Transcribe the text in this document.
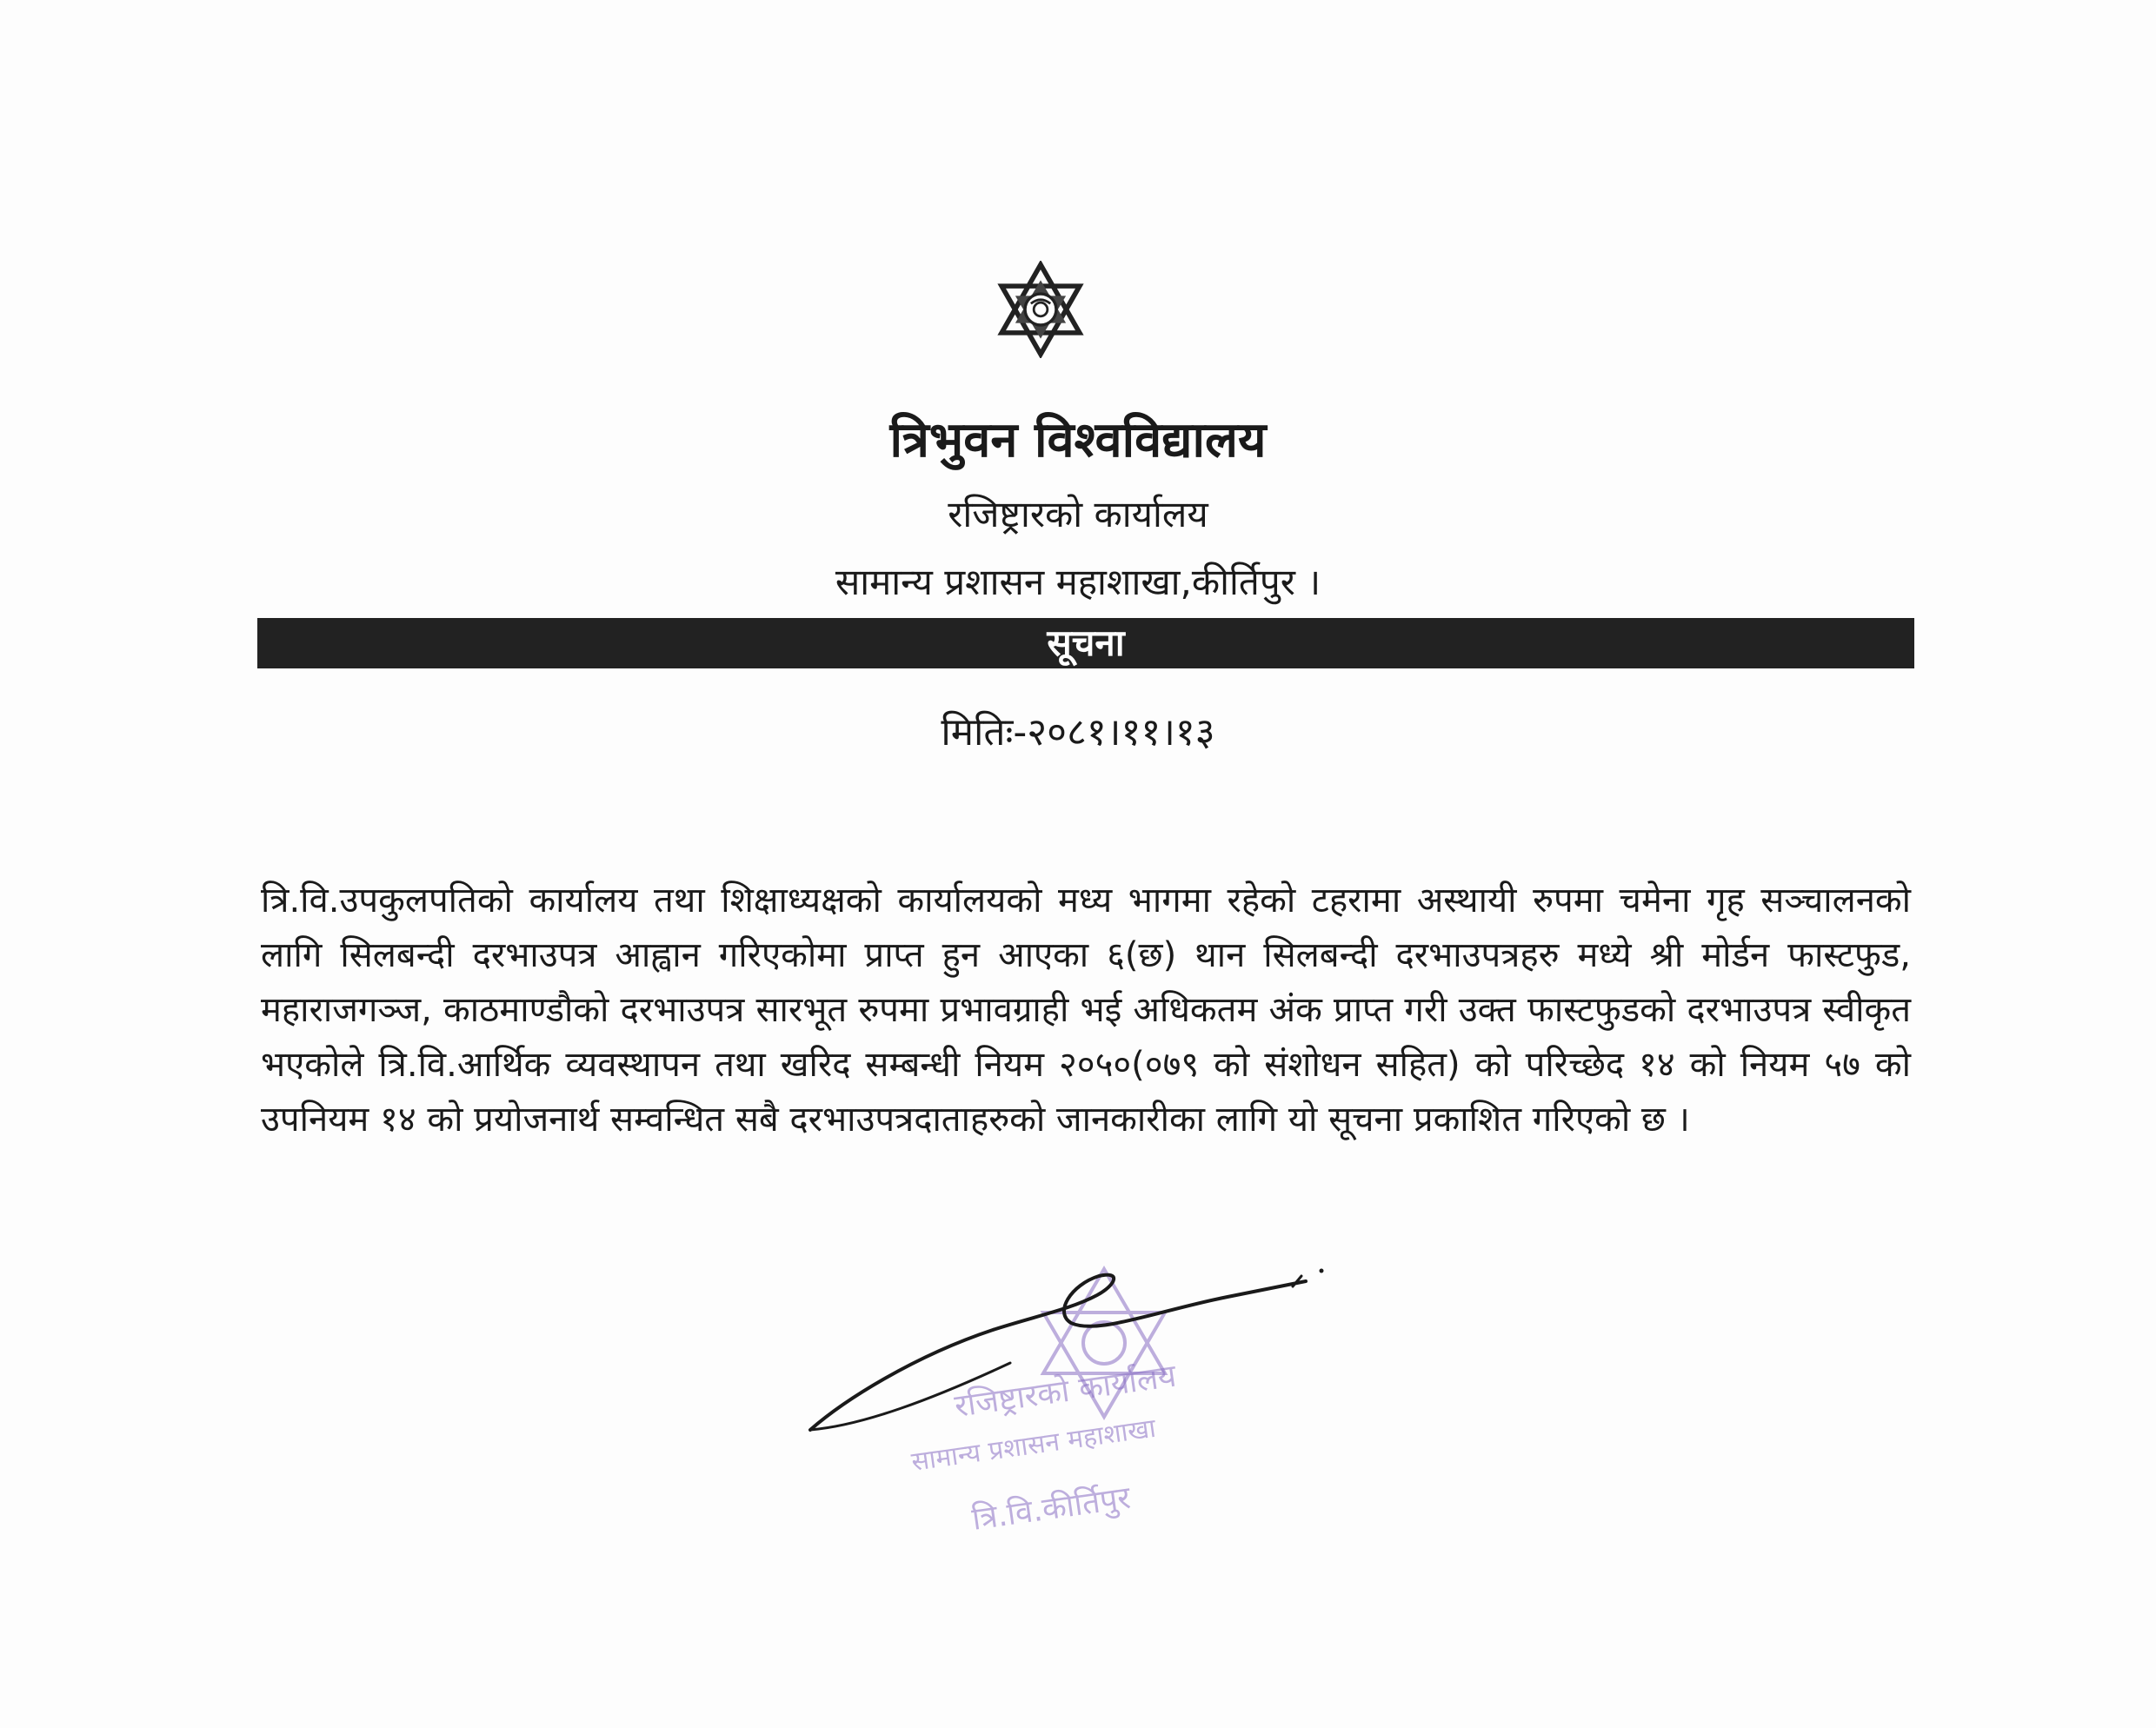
त्रिभुवन विश्वविद्यालय
रजिष्ट्रारको कार्यालय
सामान्य प्रशासन महाशाखा,कीर्तिपुर ।
सूचना
मितिः-२०८१।११।१३
त्रि.वि.उपकुलपतिको कार्यालय तथा शिक्षाध्यक्षको कार्यालयको मध्य भागमा रहेको टहरामा अस्थायी रुपमा चमेना गृह सञ्चालनको लागि सिलबन्दी दरभाउपत्र आह्वान गरिएकोमा प्राप्त हुन आएका ६(छ) थान सिलबन्दी दरभाउपत्रहरु मध्ये श्री मोर्डन फास्टफुड, महाराजगञ्ज, काठमाण्डौको दरभाउपत्र सारभूत रुपमा प्रभावग्राही भई अधिकतम अंक प्राप्त गरी उक्त फास्टफुडको दरभाउपत्र स्वीकृत भएकोले त्रि.वि.आर्थिक व्यवस्थापन तथा खरिद सम्बन्धी नियम २०५०(०७९ को संशोधन सहित) को परिच्छेद १४ को नियम ५७ को उपनियम १४ को प्रयोजनार्थ सम्वन्धित सबै दरभाउपत्रदाताहरुको जानकारीका लागि यो सूचना प्रकाशित गरिएको छ ।
रजिष्ट्रारको कार्यालय
सामान्य प्रशासन महाशाखा
त्रि.वि.कीर्तिपुर
